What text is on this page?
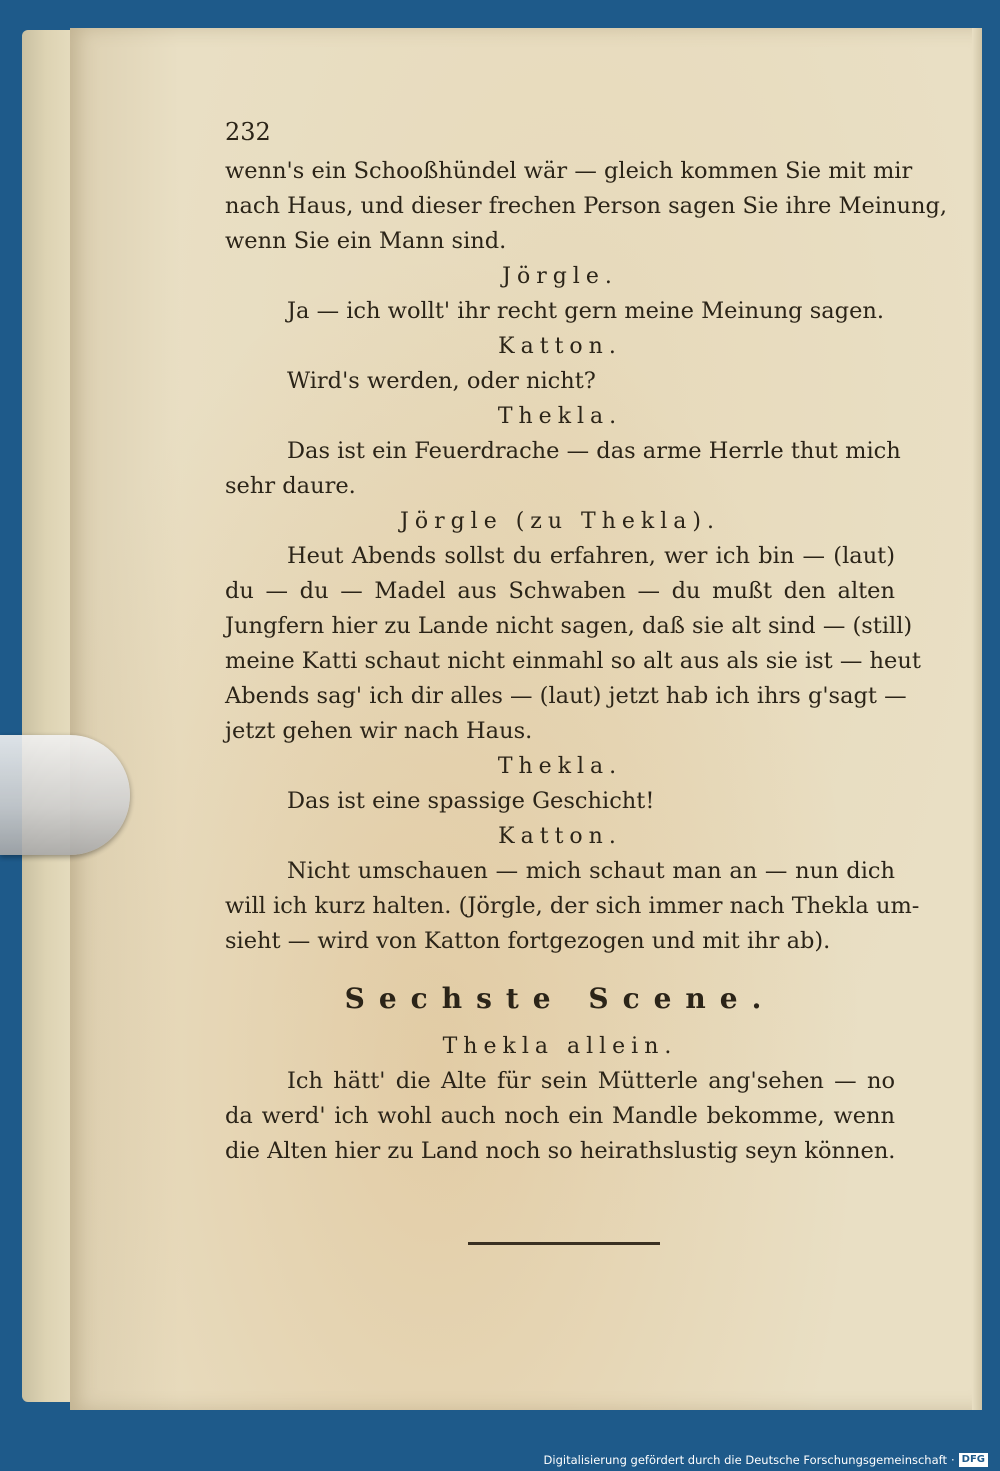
232
wenn's ein Schooßhündel wär — gleich kommen Sie mit mir
nach Haus, und dieser frechen Person sagen Sie ihre Meinung,
wenn Sie ein Mann sind.
Jörgle.
Ja — ich wollt' ihr recht gern meine Meinung sagen.
Katton.
Wird's werden, oder nicht?
Thekla.
Das ist ein Feuerdrache — das arme Herrle thut mich
sehr daure.
Jörgle (zu Thekla).
Heut Abends sollst du erfahren, wer ich bin — (laut)
du — du — Madel aus Schwaben — du mußt den alten
Jungfern hier zu Lande nicht sagen, daß sie alt sind — (still)
meine Katti schaut nicht einmahl so alt aus als sie ist — heut
Abends sag' ich dir alles — (laut) jetzt hab ich ihrs g'sagt —
jetzt gehen wir nach Haus.
Thekla.
Das ist eine spassige Geschicht!
Katton.
Nicht umschauen — mich schaut man an — nun dich
will ich kurz halten. (Jörgle, der sich immer nach Thekla um-
sieht — wird von Katton fortgezogen und mit ihr ab).
Sechste Scene.
Thekla allein.
Ich hätt' die Alte für sein Mütterle ang'sehen — no
da werd' ich wohl auch noch ein Mandle bekomme, wenn
die Alten hier zu Land noch so heirathslustig seyn können.
Digitalisierung gefördert durch die Deutsche Forschungsgemeinschaft · DFG
